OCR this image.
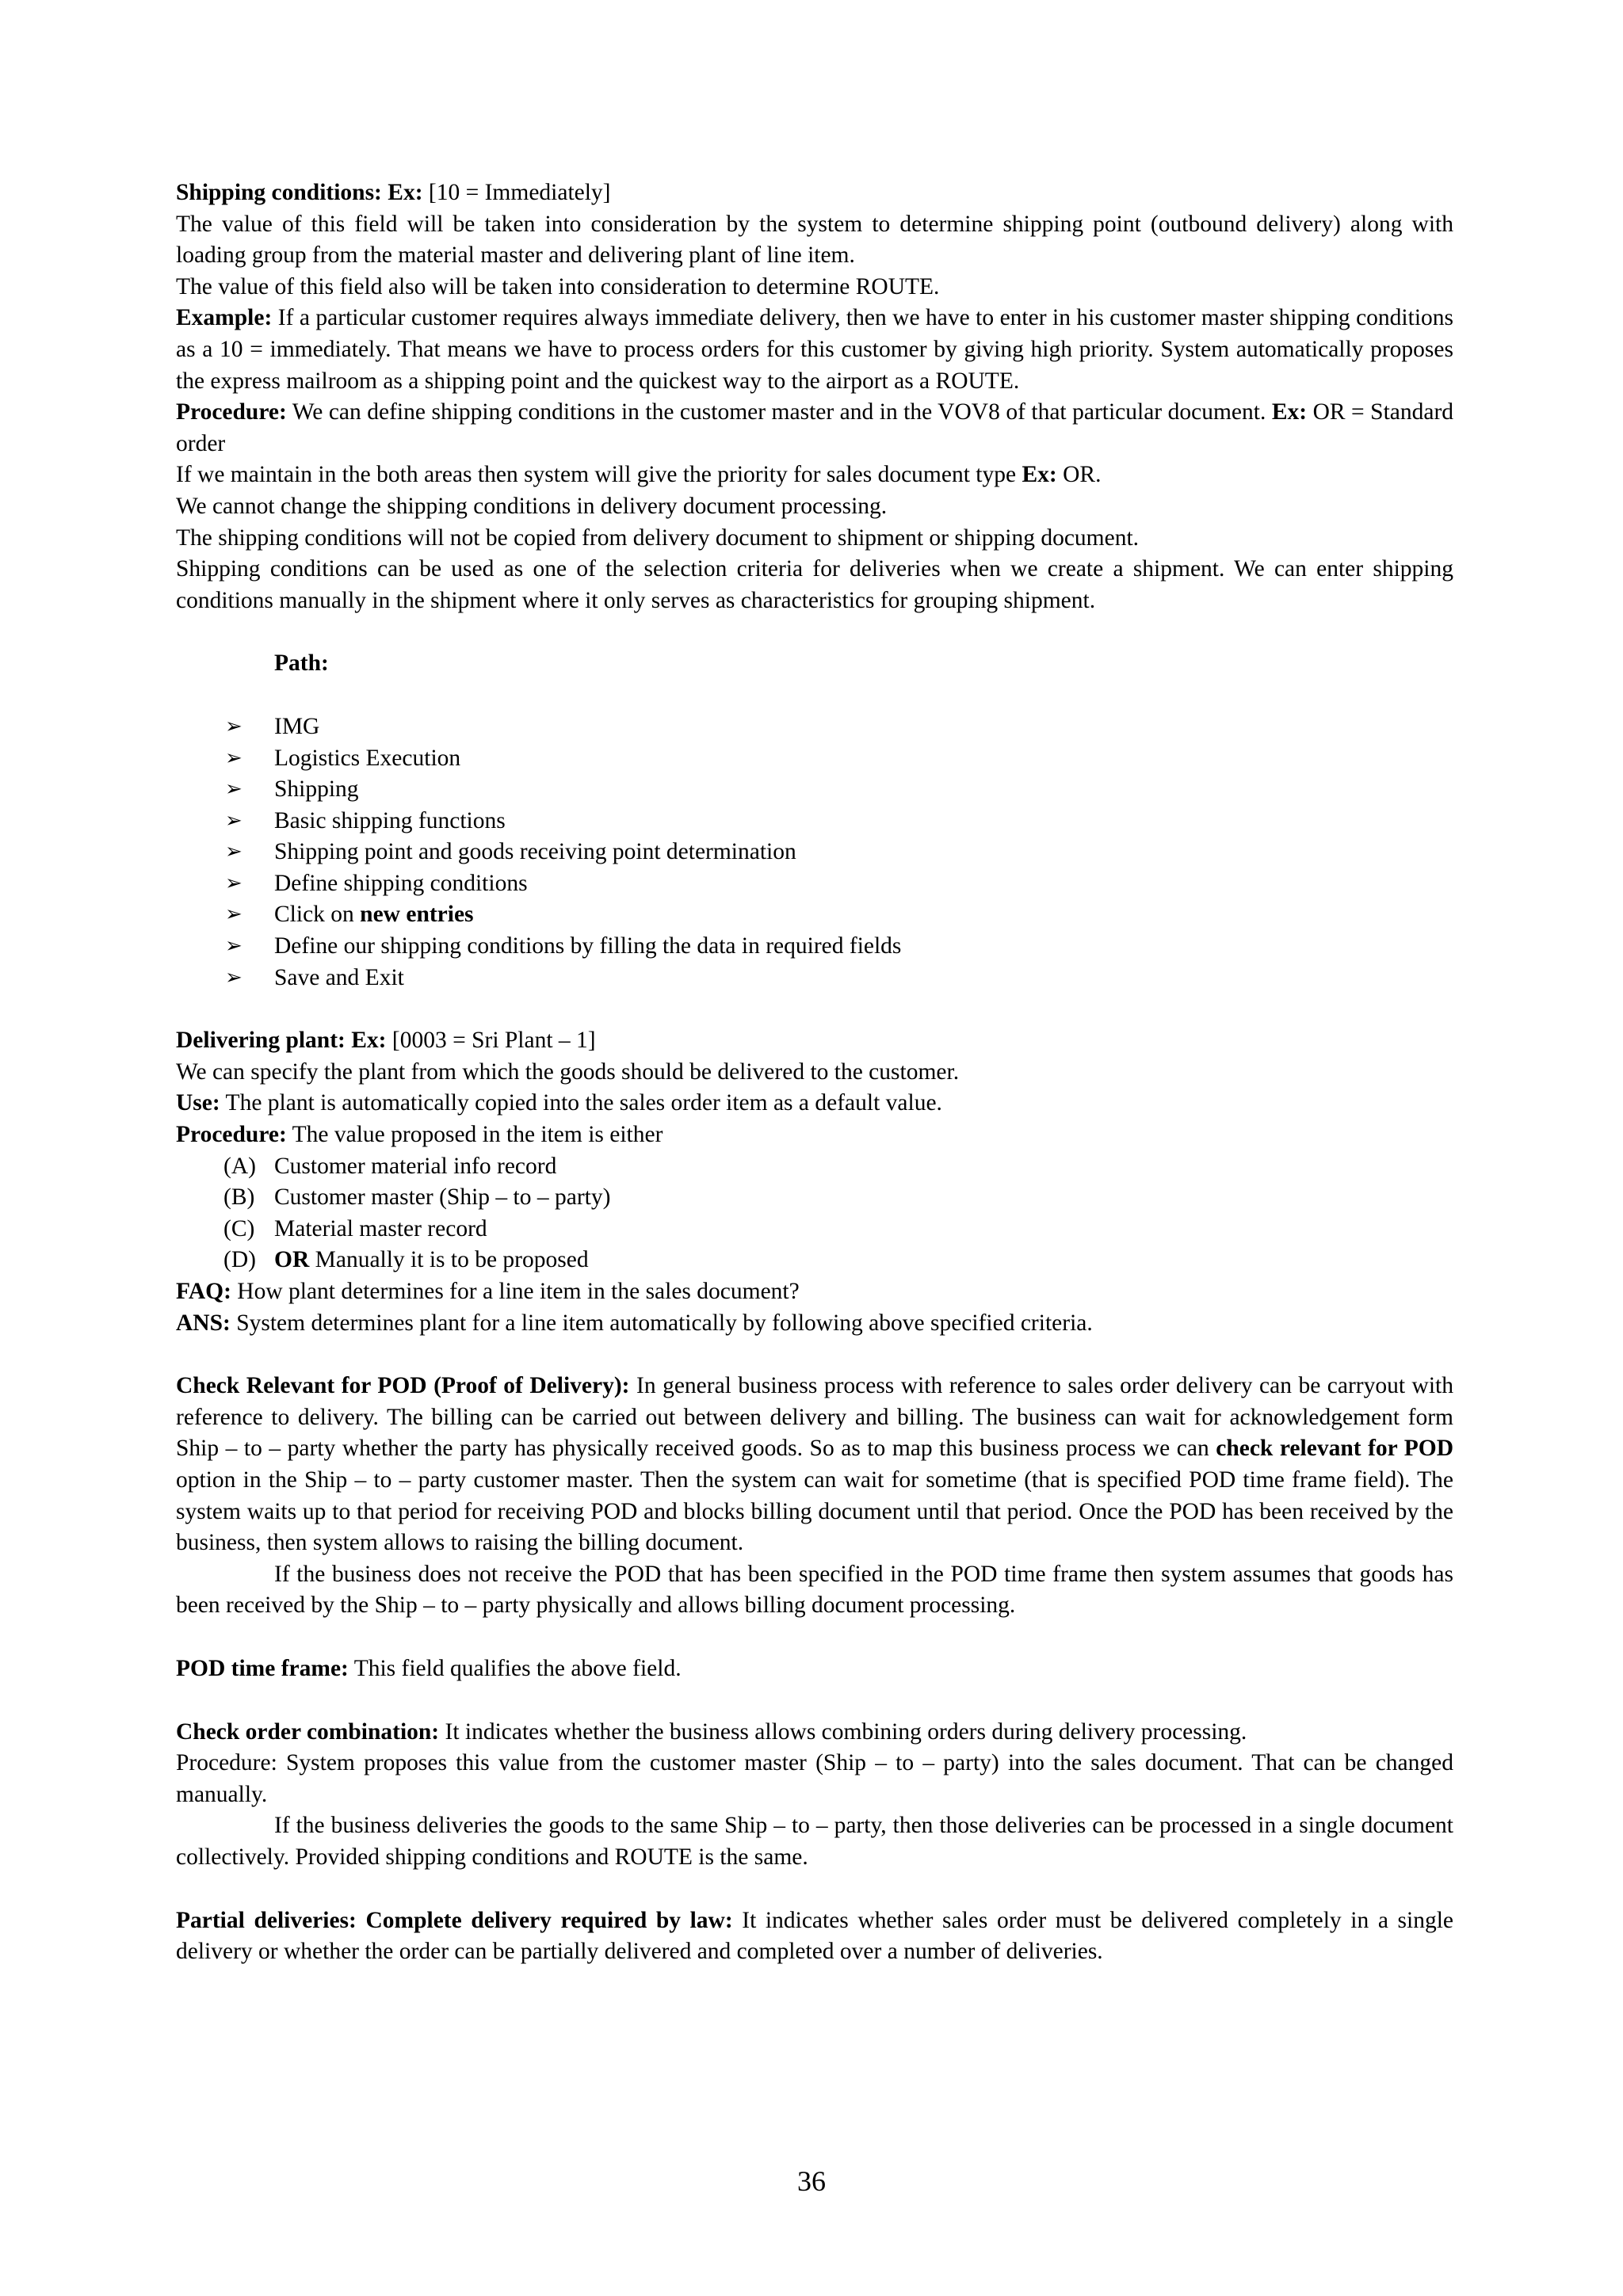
Shipping conditions: Ex: [10 = Immediately]

The value of this field will be taken into consideration by the system to determine shipping point (outbound delivery) along with loading group from the material master and delivering plant of line item.

The value of this field also will be taken into consideration to determine ROUTE.

Example: If a particular customer requires always immediate delivery, then we have to enter in his customer master shipping conditions as a 10 = immediately. That means we have to process orders for this customer by giving high priority. System automatically proposes the express mailroom as a shipping point and the quickest way to the airport as a ROUTE.

Procedure: We can define shipping conditions in the customer master and in the VOV8 of that particular document. Ex: OR = Standard order

If we maintain in the both areas then system will give the priority for sales document type Ex: OR.

We cannot change the shipping conditions in delivery document processing.

The shipping conditions will not be copied from delivery document to shipment or shipping document.

Shipping conditions can be used as one of the selection criteria for deliveries when we create a shipment. We can enter shipping conditions manually in the shipment where it only serves as characteristics for grouping shipment.

Path:

➢ IMG
➢ Logistics Execution
➢ Shipping
➢ Basic shipping functions
➢ Shipping point and goods receiving point determination
➢ Define shipping conditions
➢ Click on new entries
➢ Define our shipping conditions by filling the data in required fields
➢ Save and Exit

Delivering plant: Ex: [0003 = Sri Plant – 1]

We can specify the plant from which the goods should be delivered to the customer.

Use: The plant is automatically copied into the sales order item as a default value.

Procedure: The value proposed in the item is either

(A) Customer material info record
(B) Customer master (Ship – to – party)
(C) Material master record
(D) OR Manually it is to be proposed

FAQ: How plant determines for a line item in the sales document?

ANS: System determines plant for a line item automatically by following above specified criteria.

Check Relevant for POD (Proof of Delivery): In general business process with reference to sales order delivery can be carryout with reference to delivery. The billing can be carried out between delivery and billing. The business can wait for acknowledgement form Ship – to – party whether the party has physically received goods. So as to map this business process we can check relevant for POD option in the Ship – to – party customer master. Then the system can wait for sometime (that is specified POD time frame field). The system waits up to that period for receiving POD and blocks billing document until that period. Once the POD has been received by the business, then system allows to raising the billing document.

If the business does not receive the POD that has been specified in the POD time frame then system assumes that goods has been received by the Ship – to – party physically and allows billing document processing.

POD time frame: This field qualifies the above field.

Check order combination: It indicates whether the business allows combining orders during delivery processing.

Procedure: System proposes this value from the customer master (Ship – to – party) into the sales document. That can be changed manually.

If the business deliveries the goods to the same Ship – to – party, then those deliveries can be processed in a single document collectively. Provided shipping conditions and ROUTE is the same.

Partial deliveries: Complete delivery required by law: It indicates whether sales order must be delivered completely in a single delivery or whether the order can be partially delivered and completed over a number of deliveries.

36
